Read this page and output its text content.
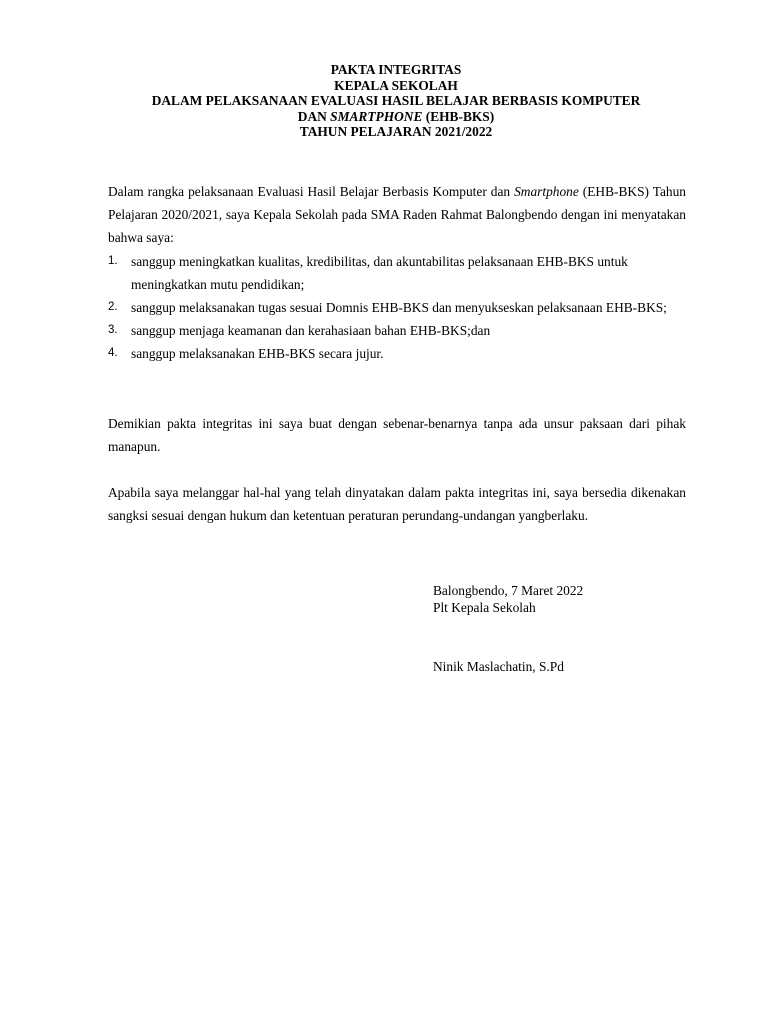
PAKTA INTEGRITAS
KEPALA SEKOLAH
DALAM PELAKSANAAN EVALUASI HASIL BELAJAR BERBASIS KOMPUTER
DAN SMARTPHONE (EHB-BKS)
TAHUN PELAJARAN 2021/2022

Dalam rangka pelaksanaan Evaluasi Hasil Belajar Berbasis Komputer dan Smartphone (EHB-BKS) Tahun Pelajaran 2020/2021, saya Kepala Sekolah pada SMA Raden Rahmat Balongbendo dengan ini menyatakan bahwa saya:

1. sanggup meningkatkan kualitas, kredibilitas, dan akuntabilitas pelaksanaan EHB-BKS untuk meningkatkan mutu pendidikan;
2. sanggup melaksanakan tugas sesuai Domnis EHB-BKS dan menyukseskan pelaksanaan EHB-BKS;
3. sanggup menjaga keamanan dan kerahasiaan bahan EHB-BKS;dan
4. sanggup melaksanakan EHB-BKS secara jujur.

Demikian pakta integritas ini saya buat dengan sebenar-benarnya tanpa ada unsur paksaan dari pihak manapun.

Apabila saya melanggar hal-hal yang telah dinyatakan dalam pakta integritas ini, saya bersedia dikenakan sangksi sesuai dengan hukum dan ketentuan peraturan perundang-undangan yangberlaku.

Balongbendo, 7 Maret 2022
Plt Kepala Sekolah
Ninik Maslachatin, S.Pd
